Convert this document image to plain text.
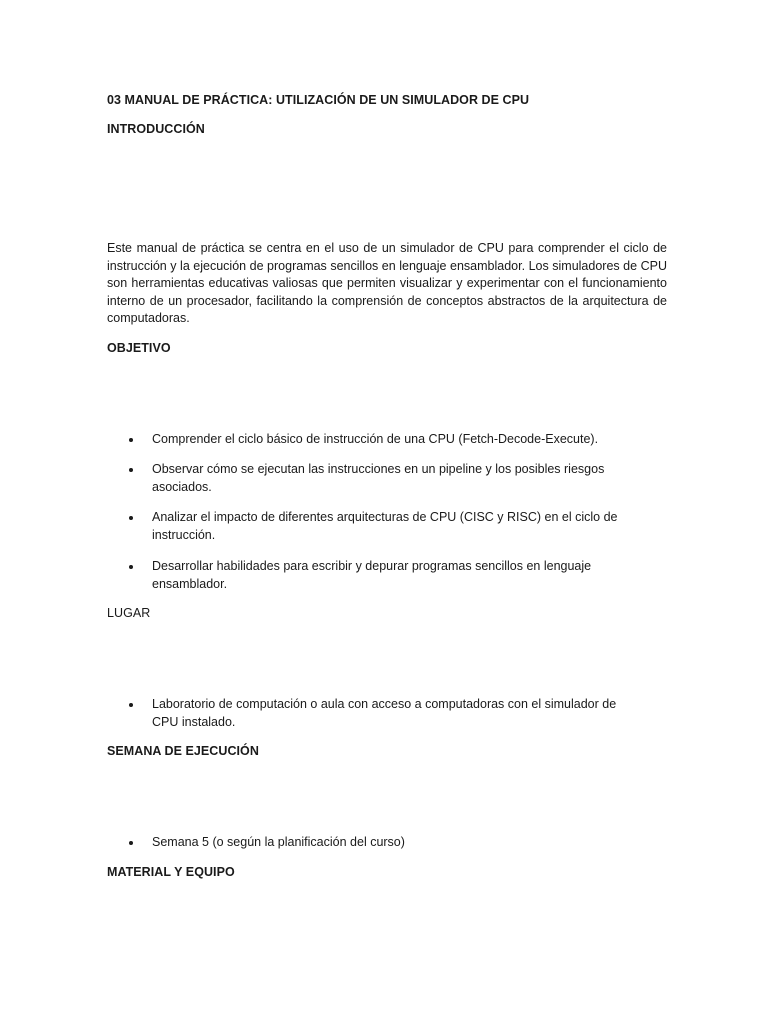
03 MANUAL DE PRÁCTICA: UTILIZACIÓN DE UN SIMULADOR DE CPU
INTRODUCCIÓN
Este manual de práctica se centra en el uso de un simulador de CPU para comprender el ciclo de instrucción y la ejecución de programas sencillos en lenguaje ensamblador. Los simuladores de CPU son herramientas educativas valiosas que permiten visualizar y experimentar con el funcionamiento interno de un procesador, facilitando la comprensión de conceptos abstractos de la arquitectura de computadoras.
OBJETIVO
Comprender el ciclo básico de instrucción de una CPU (Fetch-Decode-Execute).
Observar cómo se ejecutan las instrucciones en un pipeline y los posibles riesgos asociados.
Analizar el impacto de diferentes arquitecturas de CPU (CISC y RISC) en el ciclo de instrucción.
Desarrollar habilidades para escribir y depurar programas sencillos en lenguaje ensamblador.
LUGAR
Laboratorio de computación o aula con acceso a computadoras con el simulador de CPU instalado.
SEMANA DE EJECUCIÓN
Semana 5 (o según la planificación del curso)
MATERIAL Y EQUIPO
